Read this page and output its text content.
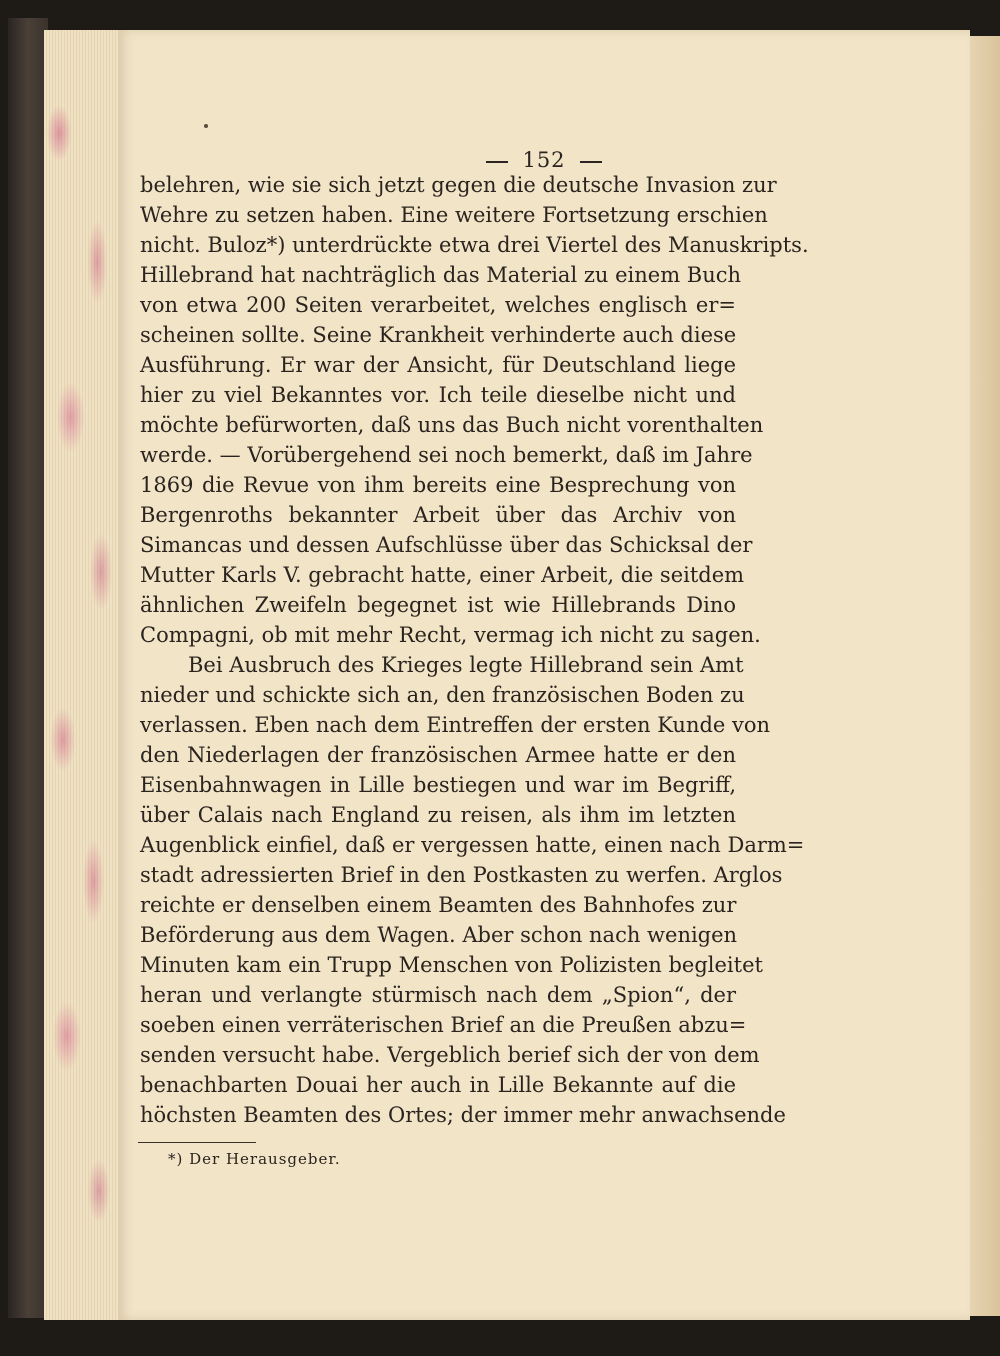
152
belehren, wie sie sich jetzt gegen die deutsche Invasion zur
Wehre zu setzen haben. Eine weitere Fortsetzung erschien
nicht. Buloz*) unterdrückte etwa drei Viertel des Manuskripts.
Hillebrand hat nachträglich das Material zu einem Buch
von etwa 200 Seiten verarbeitet, welches englisch er=
scheinen sollte. Seine Krankheit verhinderte auch diese
Ausführung. Er war der Ansicht, für Deutschland liege
hier zu viel Bekanntes vor. Ich teile dieselbe nicht und
möchte befürworten, daß uns das Buch nicht vorenthalten
werde. — Vorübergehend sei noch bemerkt, daß im Jahre
1869 die Revue von ihm bereits eine Besprechung von
Bergenroths bekannter Arbeit über das Archiv von
Simancas und dessen Aufschlüsse über das Schicksal der
Mutter Karls V. gebracht hatte, einer Arbeit, die seitdem
ähnlichen Zweifeln begegnet ist wie Hillebrands Dino
Compagni, ob mit mehr Recht, vermag ich nicht zu sagen.
Bei Ausbruch des Krieges legte Hillebrand sein Amt
nieder und schickte sich an, den französischen Boden zu
verlassen. Eben nach dem Eintreffen der ersten Kunde von
den Niederlagen der französischen Armee hatte er den
Eisenbahnwagen in Lille bestiegen und war im Begriff,
über Calais nach England zu reisen, als ihm im letzten
Augenblick einfiel, daß er vergessen hatte, einen nach Darm=
stadt adressierten Brief in den Postkasten zu werfen. Arglos
reichte er denselben einem Beamten des Bahnhofes zur
Beförderung aus dem Wagen. Aber schon nach wenigen
Minuten kam ein Trupp Menschen von Polizisten begleitet
heran und verlangte stürmisch nach dem „Spion“, der
soeben einen verräterischen Brief an die Preußen abzu=
senden versucht habe. Vergeblich berief sich der von dem
benachbarten Douai her auch in Lille Bekannte auf die
höchsten Beamten des Ortes; der immer mehr anwachsende
*) Der Herausgeber.
